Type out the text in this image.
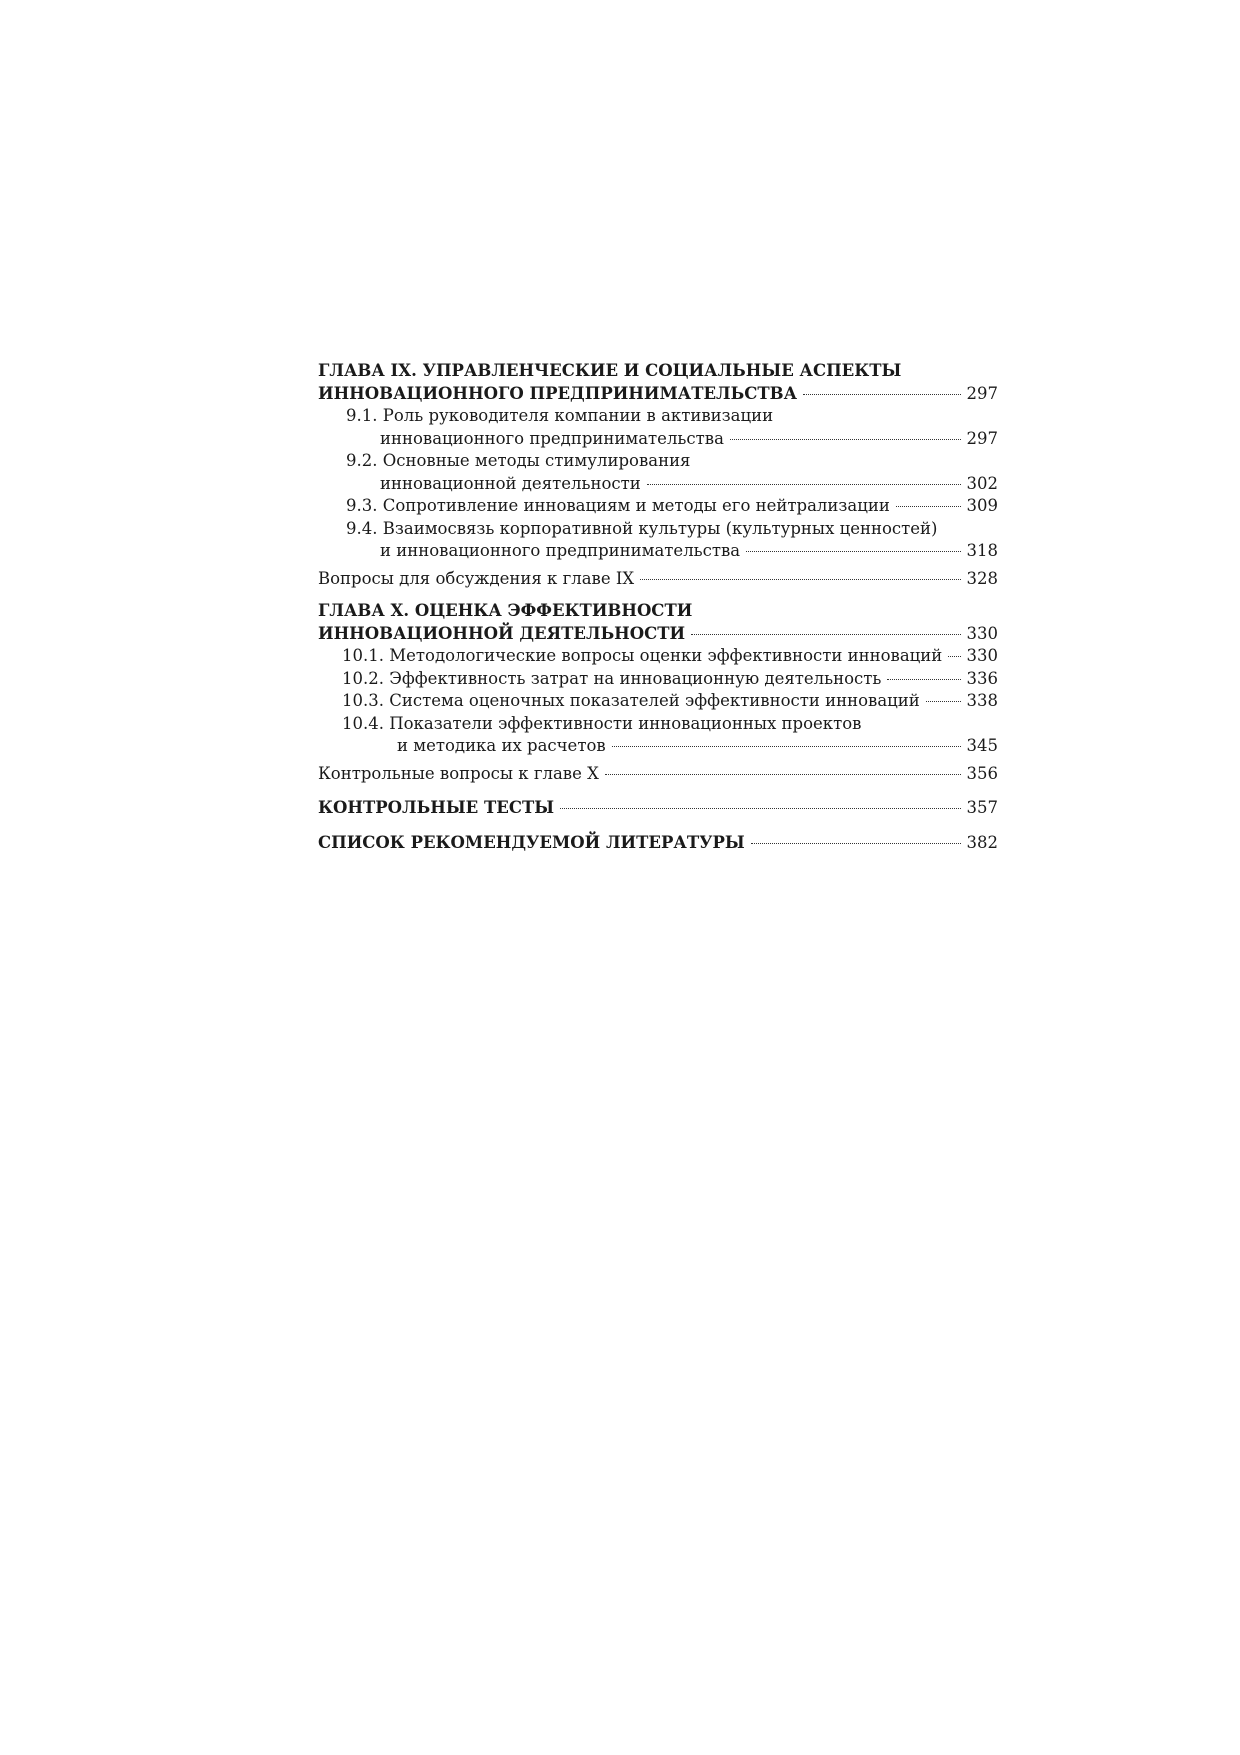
ГЛАВА IX. УПРАВЛЕНЧЕСКИЕ И СОЦИАЛЬНЫЕ АСПЕКТЫ
ИННОВАЦИОННОГО ПРЕДПРИНИМАТЕЛЬСТВА	297
9.1. Роль руководителя компании в активизации
инновационного предпринимательства	297
9.2. Основные методы стимулирования
инновационной деятельности	302
9.3. Сопротивление инновациям и методы его нейтрализации	309
9.4. Взаимосвязь корпоративной культуры (культурных ценностей)
и инновационного предпринимательства	318
Вопросы для обсуждения к главе IX	328
ГЛАВА X. ОЦЕНКА ЭФФЕКТИВНОСТИ
ИННОВАЦИОННОЙ ДЕЯТЕЛЬНОСТИ	330
10.1. Методологические вопросы оценки эффективности инноваций 330
10.2. Эффективность затрат на инновационную деятельность	336
10.3. Система оценочных показателей эффективности инноваций	338
10.4. Показатели эффективности инновационных проектов
и методика их расчетов	345
Контрольные вопросы к главе X	356
КОНТРОЛЬНЫЕ ТЕСТЫ	357
СПИСОК РЕКОМЕНДУЕМОЙ ЛИТЕРАТУРЫ	382
